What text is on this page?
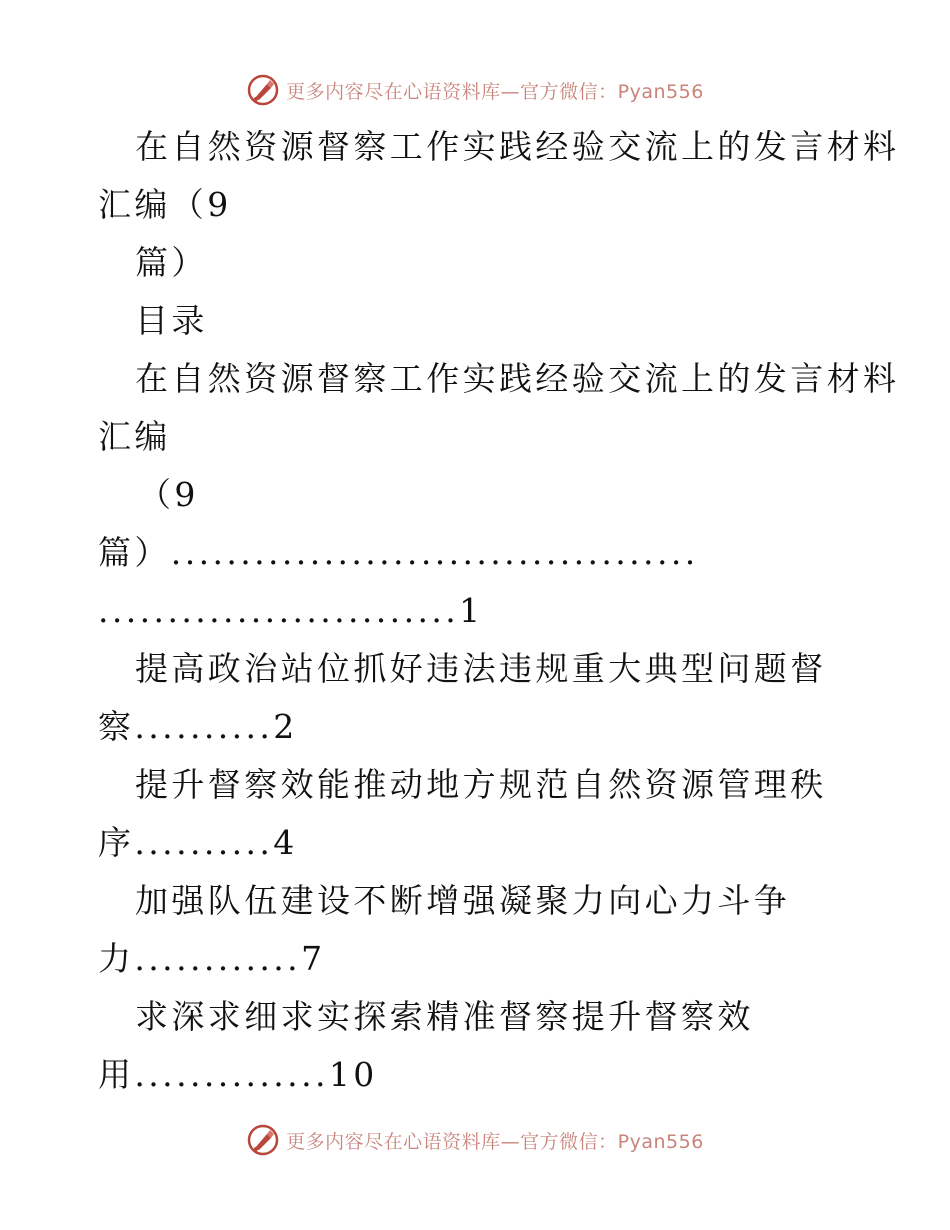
更多内容尽在心语资料库—官方微信：Pyan556
在自然资源督察工作实践经验交流上的发言材料
汇编（9
篇）
目录
在自然资源督察工作实践经验交流上的发言材料
汇编
（9
篇）......................................
..........................1
提高政治站位抓好违法违规重大典型问题督
察..........2
提升督察效能推动地方规范自然资源管理秩
序..........4
加强队伍建设不断增强凝聚力向心力斗争
力............7
求深求细求实探索精准督察提升督察效
用..............10
更多内容尽在心语资料库—官方微信：Pyan556
